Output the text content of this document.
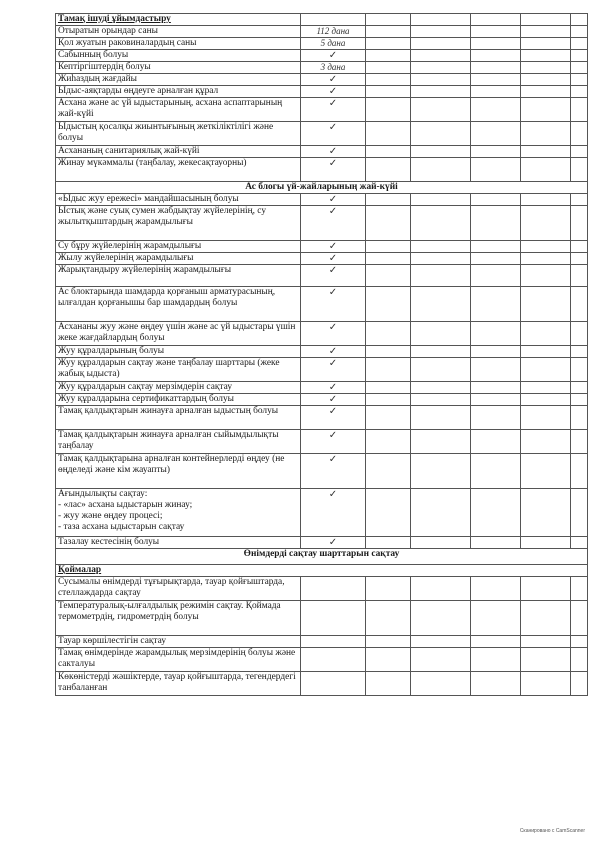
Тамақ ішуді ұйымдастыру						
Отыратын орындар саны	112 дана					
Қол жуатын раковиналардың саны	5 дана					
Сабынның болуы	✓					
Кептіргіштердің болуы	3 дана					
Жиһаздың жағдайы	✓					
Ыдыс-аяқтарды өңдеуге арналған құрал	✓					
Асхана және ас үй ыдыстарының, асхана аспаптарының жай-күйі	✓					
Ыдыстың қосалқы жиынтығының жеткіліктілігі және болуы	✓					
Асхананың санитариялық жай-күйі	✓					
Жинау мүкәммалы (таңбалау, жекесақтауорны)	✓					
Ас блогы үй-жайларының жай-күйі						
«Ыдыс жуу ережесі» мандайшасының болуы	✓					
Ыстық және суық сумен жабдықтау жүйелерінің, су жылытқыштардың жарамдылығы	✓					
Су бұру жүйелерінің жарамдылығы	✓					
Жылу жүйелерінің жарамдылығы	✓					
Жарықтандыру жүйелерінің жарамдылығы	✓					
Ас блоктарында шамдарда қорғаныш арматурасының, ылғалдан қорғанышы бар шамдардың болуы	✓					
Асхананы жуу және өңдеу үшін және ас үй ыдыстары үшін жеке жағдайлардың болуы	✓					
Жуу құралдарының болуы	✓					
Жуу құралдарын сақтау және таңбалау шарттары (жеке жабық ыдыста)	✓					
Жуу құралдарын сақтау мерзімдерін сақтау	✓					
Жуу құралдарына сертификаттардың болуы	✓					
Тамақ қалдықтарын жинауға арналған ыдыстың болуы	✓					
Тамақ қалдықтарын жинауға арналған сыйымдылықты таңбалау	✓					
Тамақ қалдықтарына арналған контейнерлерді өңдеу (не өңделеді және кім жауапты)	✓					
Ағындылықты сақтау:
- «лас» асхана ыдыстарын жинау;
- жуу және өңдеу процесі;
- таза асхана ыдыстарын сақтау	✓					
Тазалау кестесінің болуы	✓					
Өнімдерді сақтау шарттарын сақтау						
Қоймалар						
Сусымалы өнімдерді тұғырықтарда, тауар қойғыштарда, стеллаждарда сақтау						
Температуралық-ылғалдылық режимін сақтау. Қоймада термометрдің, гидрометрдің болуы						
Тауар көршілестігін сақтау						
Тамақ өнімдерінде жарамдылық мерзімдерінің болуы және сакталуы						
Көкөністерді жәшіктерде, тауар қойғыштарда, тегендердегі танбаланған						
Сканировано с CamScanner
